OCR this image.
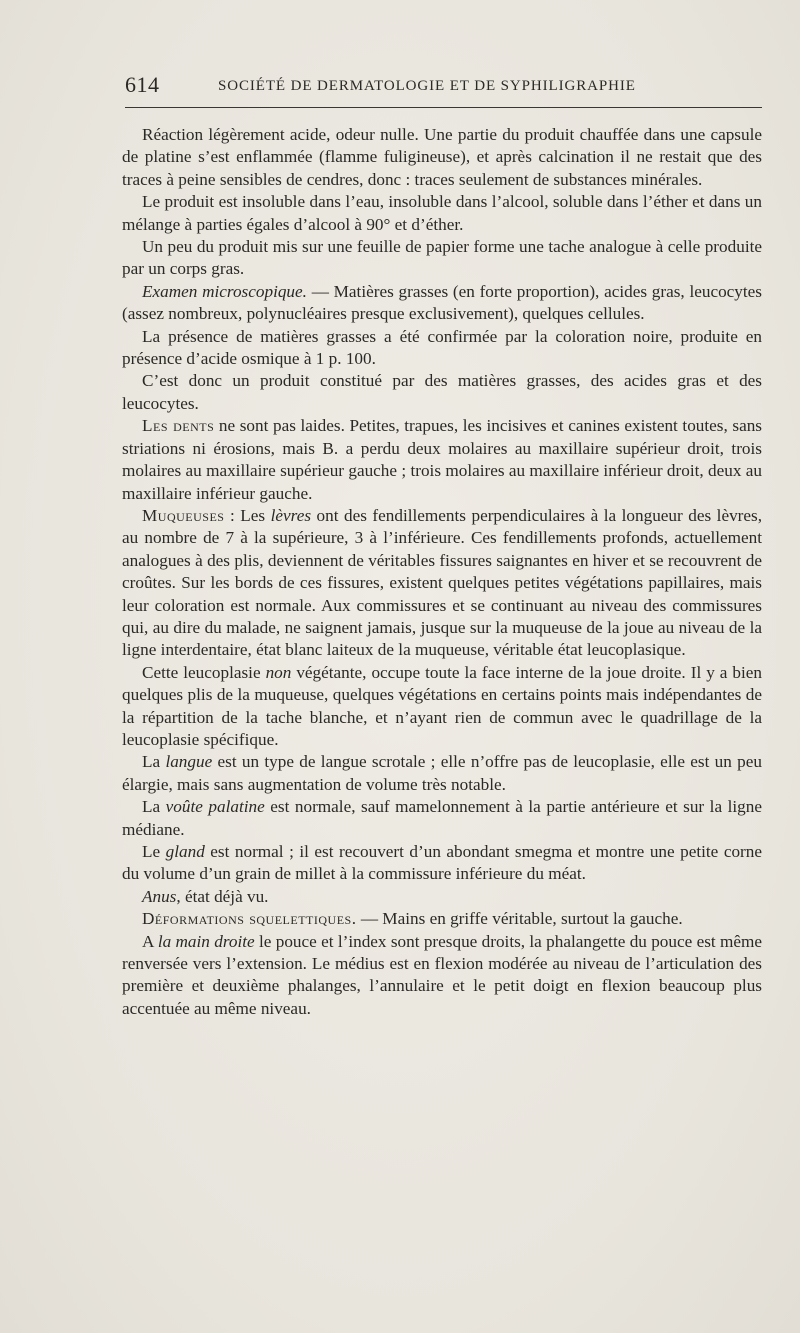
614	SOCIÉTÉ DE DERMATOLOGIE ET DE SYPHILIGRAPHIE

Réaction légèrement acide, odeur nulle. Une partie du produit chauffée dans une capsule de platine s’est enflammée (flamme fuligineuse), et après calcination il ne restait que des traces à peine sensibles de cendres, donc : traces seulement de substances minérales.

Le produit est insoluble dans l’eau, insoluble dans l’alcool, soluble dans l’éther et dans un mélange à parties égales d’alcool à 90° et d’éther.

Un peu du produit mis sur une feuille de papier forme une tache analogue à celle produite par un corps gras.

Examen microscopique. — Matières grasses (en forte proportion), acides gras, leucocytes (assez nombreux, polynucléaires presque exclusivement), quelques cellules.

La présence de matières grasses a été confirmée par la coloration noire, produite en présence d’acide osmique à 1 p. 100.

C’est donc un produit constitué par des matières grasses, des acides gras et des leucocytes.

Les dents ne sont pas laides. Petites, trapues, les incisives et canines existent toutes, sans striations ni érosions, mais B. a perdu deux molaires au maxillaire supérieur droit, trois molaires au maxillaire supérieur gauche ; trois molaires au maxillaire inférieur droit, deux au maxillaire inférieur gauche.

Muqueuses : Les lèvres ont des fendillements perpendiculaires à la longueur des lèvres, au nombre de 7 à la supérieure, 3 à l’inférieure. Ces fendillements profonds, actuellement analogues à des plis, deviennent de véritables fissures saignantes en hiver et se recouvrent de croûtes. Sur les bords de ces fissures, existent quelques petites végétations papillaires, mais leur coloration est normale. Aux commissures et se continuant au niveau des commissures qui, au dire du malade, ne saignent jamais, jusque sur la muqueuse de la joue au niveau de la ligne interdentaire, état blanc laiteux de la muqueuse, véritable état leucoplasique.

Cette leucoplasie non végétante, occupe toute la face interne de la joue droite. Il y a bien quelques plis de la muqueuse, quelques végétations en certains points mais indépendantes de la répartition de la tache blanche, et n’ayant rien de commun avec le quadrillage de la leucoplasie spécifique.

La langue est un type de langue scrotale ; elle n’offre pas de leucoplasie, elle est un peu élargie, mais sans augmentation de volume très notable.

La voûte palatine est normale, sauf mamelonnement à la partie antérieure et sur la ligne médiane.

Le gland est normal ; il est recouvert d’un abondant smegma et montre une petite corne du volume d’un grain de millet à la commissure inférieure du méat.

Anus, état déjà vu.

Déformations squelettiques. — Mains en griffe véritable, surtout la gauche.

A la main droite le pouce et l’index sont presque droits, la phalangette du pouce est même renversée vers l’extension. Le médius est en flexion modérée au niveau de l’articulation des première et deuxième phalanges, l’annulaire et le petit doigt en flexion beaucoup plus accentuée au même niveau.
